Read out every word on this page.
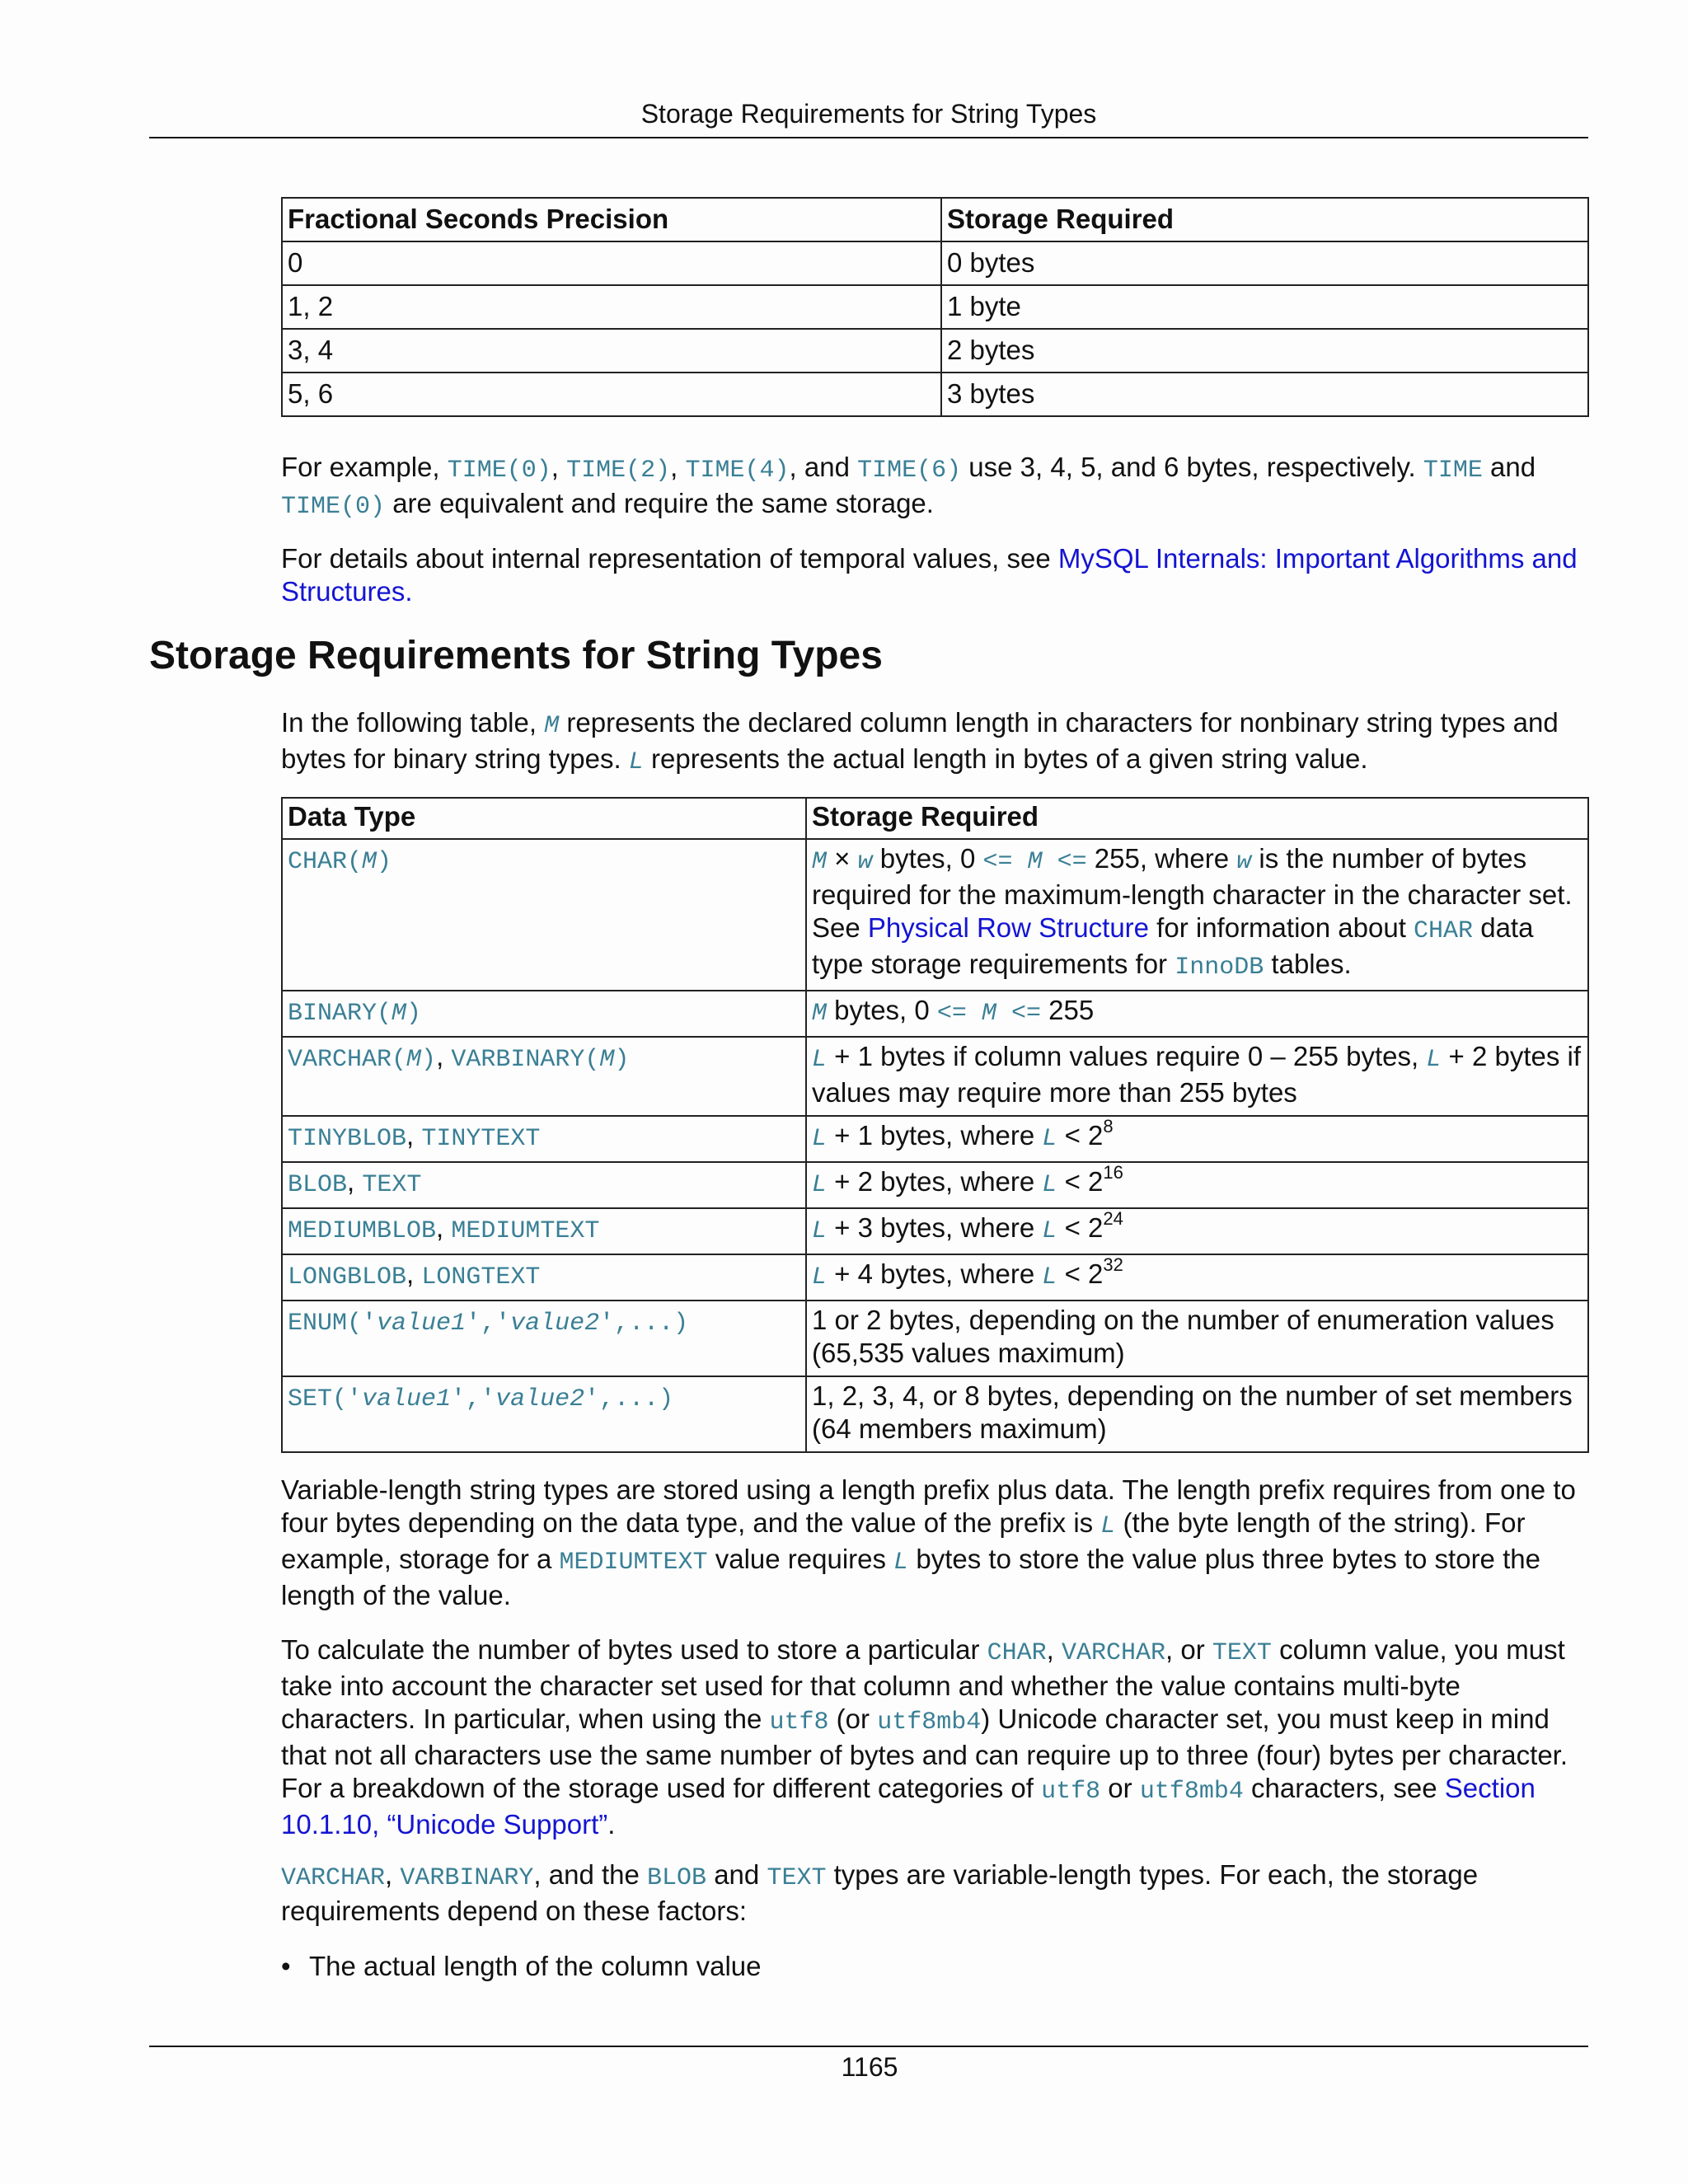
Storage Requirements for String Types
Fractional Seconds Precision	Storage Required
0	0 bytes
1, 2	1 byte
3, 4	2 bytes
5, 6	3 bytes

For example, TIME(0), TIME(2), TIME(4), and TIME(6) use 3, 4, 5, and 6 bytes, respectively. TIME and TIME(0) are equivalent and require the same storage.

For details about internal representation of temporal values, see MySQL Internals: Important Algorithms and Structures.

Storage Requirements for String Types

In the following table, M represents the declared column length in characters for nonbinary string types and bytes for binary string types. L represents the actual length in bytes of a given string value.

Data Type	Storage Required
CHAR(M)	M × w bytes, 0 <= M <= 255, where w is the number of bytes required for the maximum-length character in the character set. See Physical Row Structure for information about CHAR data type storage requirements for InnoDB tables.
BINARY(M)	M bytes, 0 <= M <= 255
VARCHAR(M), VARBINARY(M)	L + 1 bytes if column values require 0 – 255 bytes, L + 2 bytes if values may require more than 255 bytes
TINYBLOB, TINYTEXT	L + 1 bytes, where $L < 2^8$
BLOB, TEXT	L + 2 bytes, where $L < 2^{16}$
MEDIUMBLOB, MEDIUMTEXT	L + 3 bytes, where $L < 2^{24}$
LONGBLOB, LONGTEXT	L + 4 bytes, where $L < 2^{32}$
ENUM('value1','value2',...)	1 or 2 bytes, depending on the number of enumeration values (65,535 values maximum)
SET('value1','value2',...)	1, 2, 3, 4, or 8 bytes, depending on the number of set members (64 members maximum)

Variable-length string types are stored using a length prefix plus data. The length prefix requires from one to four bytes depending on the data type, and the value of the prefix is L (the byte length of the string). For example, storage for a MEDIUMTEXT value requires L bytes to store the value plus three bytes to store the length of the value.

To calculate the number of bytes used to store a particular CHAR, VARCHAR, or TEXT column value, you must take into account the character set used for that column and whether the value contains multi-byte characters. In particular, when using the utf8 (or utf8mb4) Unicode character set, you must keep in mind that not all characters use the same number of bytes and can require up to three (four) bytes per character. For a breakdown of the storage used for different categories of utf8 or utf8mb4 characters, see Section 10.1.10, “Unicode Support”.

VARCHAR, VARBINARY, and the BLOB and TEXT types are variable-length types. For each, the storage requirements depend on these factors:

• The actual length of the column value

1165
